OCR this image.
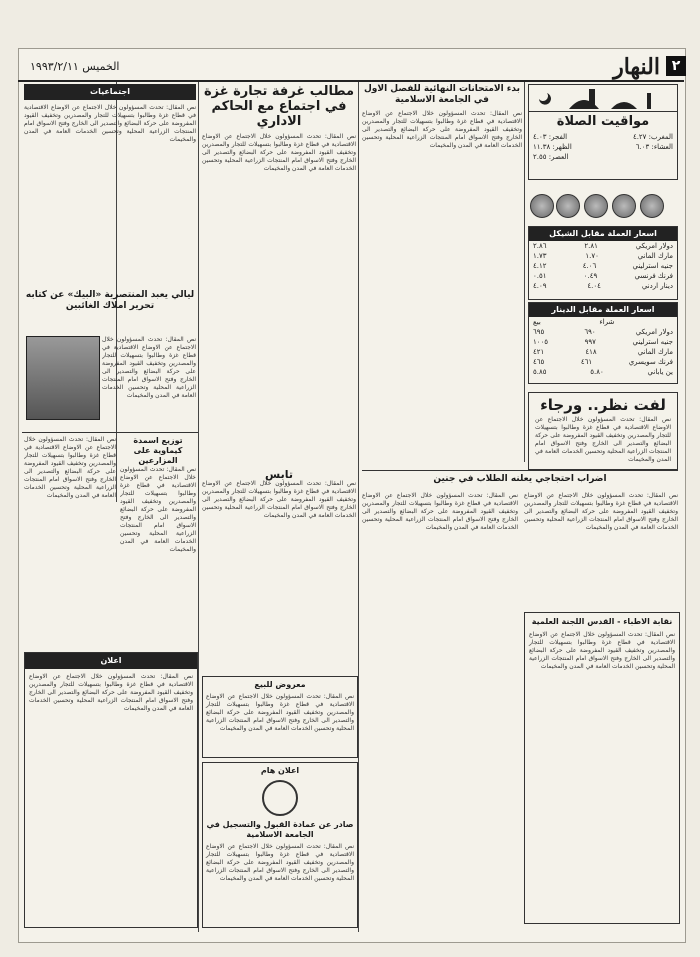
٢
النهار
الخميس ١٩٩٣/٢/١١
مواقيت الصلاة
الفجر: ٤.٠٣	المغرب: ٤.٢٧
الظهر: ١١.٣٨	العشاء: ٦.٠٣
العصر: ٢.٥٥
اسعار العملة مقابل الشيكل
دولار امريكي
٢.٨١
٢.٨٦
مارك الماني
١.٧٠
١.٧٣
جنيه استرليني
٤.٠٦
٤.١٢
فرنك فرنسي
٠.٤٩
٠.٥١
دينار اردني
٤.٠٤
٤.٠٩
اسعار العملة مقابل الدينار
شراء
بيع
دولار امريكي
٦٩٠
٦٩٥
جنيه استرليني
٩٩٧
١٠٠٥
مارك الماني
٤١٨
٤٢١
فرنك سويسري
٤٦١
٤٦٥
ين ياباني
٥.٨٠
٥.٨٥
لفت نظر.. ورجاء
نص المقال: تحدث المسؤولون خلال الاجتماع عن الاوضاع الاقتصادية في قطاع غزة وطالبوا بتسهيلات للتجار والمصدرين وتخفيف القيود المفروضة على حركة البضائع والتصدير الى الخارج وفتح الاسواق امام المنتجات الزراعية المحلية وتحسين الخدمات العامة في المدن والمخيمات
بدء الامتحانات النهائية للفصل الاول في الجامعة الاسلامية
نص المقال: تحدث المسؤولون خلال الاجتماع عن الاوضاع الاقتصادية في قطاع غزة وطالبوا بتسهيلات للتجار والمصدرين وتخفيف القيود المفروضة على حركة البضائع والتصدير الى الخارج وفتح الاسواق امام المنتجات الزراعية المحلية وتحسين الخدمات العامة في المدن والمخيمات
مطالب غرفة تجارة غزة في اجتماع مع الحاكم الاداري
نص المقال: تحدث المسؤولون خلال الاجتماع عن الاوضاع الاقتصادية في قطاع غزة وطالبوا بتسهيلات للتجار والمصدرين وتخفيف القيود المفروضة على حركة البضائع والتصدير الى الخارج وفتح الاسواق امام المنتجات الزراعية المحلية وتحسين الخدمات العامة في المدن والمخيمات
اجتماعيات
نص المقال: تحدث المسؤولون خلال الاجتماع عن الاوضاع الاقتصادية في قطاع غزة وطالبوا بتسهيلات للتجار والمصدرين وتخفيف القيود المفروضة على حركة البضائع والتصدير الى الخارج وفتح الاسواق امام المنتجات الزراعية المحلية وتحسين الخدمات العامة في المدن والمخيمات
ليالي يعبد المنتصرية «البيك» عن كتابه تحرير املاك الغائبين
نص المقال: تحدث المسؤولون خلال الاجتماع عن الاوضاع الاقتصادية في قطاع غزة وطالبوا بتسهيلات للتجار والمصدرين وتخفيف القيود المفروضة على حركة البضائع والتصدير الى الخارج وفتح الاسواق امام المنتجات الزراعية المحلية وتحسين الخدمات العامة في المدن والمخيمات
توزيع اسمدة كيماوية على المزارعين
نص المقال: تحدث المسؤولون خلال الاجتماع عن الاوضاع الاقتصادية في قطاع غزة وطالبوا بتسهيلات للتجار والمصدرين وتخفيف القيود المفروضة على حركة البضائع والتصدير الى الخارج وفتح الاسواق امام المنتجات الزراعية المحلية وتحسين الخدمات العامة في المدن والمخيمات
نص المقال: تحدث المسؤولون خلال الاجتماع عن الاوضاع الاقتصادية في قطاع غزة وطالبوا بتسهيلات للتجار والمصدرين وتخفيف القيود المفروضة على حركة البضائع والتصدير الى الخارج وفتح الاسواق امام المنتجات الزراعية المحلية وتحسين الخدمات العامة في المدن والمخيمات
اعلان
نص المقال: تحدث المسؤولون خلال الاجتماع عن الاوضاع الاقتصادية في قطاع غزة وطالبوا بتسهيلات للتجار والمصدرين وتخفيف القيود المفروضة على حركة البضائع والتصدير الى الخارج وفتح الاسواق امام المنتجات الزراعية المحلية وتحسين الخدمات العامة في المدن والمخيمات
اضراب احتجاجي يعلنه الطلاب في جنين
نص المقال: تحدث المسؤولون خلال الاجتماع عن الاوضاع الاقتصادية في قطاع غزة وطالبوا بتسهيلات للتجار والمصدرين وتخفيف القيود المفروضة على حركة البضائع والتصدير الى الخارج وفتح الاسواق امام المنتجات الزراعية المحلية وتحسين الخدمات العامة في المدن والمخيمات
نص المقال: تحدث المسؤولون خلال الاجتماع عن الاوضاع الاقتصادية في قطاع غزة وطالبوا بتسهيلات للتجار والمصدرين وتخفيف القيود المفروضة على حركة البضائع والتصدير الى الخارج وفتح الاسواق امام المنتجات الزراعية المحلية وتحسين الخدمات العامة في المدن والمخيمات
نقابة الاطباء - القدس اللجنة العلمية
نص المقال: تحدث المسؤولون خلال الاجتماع عن الاوضاع الاقتصادية في قطاع غزة وطالبوا بتسهيلات للتجار والمصدرين وتخفيف القيود المفروضة على حركة البضائع والتصدير الى الخارج وفتح الاسواق امام المنتجات الزراعية المحلية وتحسين الخدمات العامة في المدن والمخيمات
تابس
نص المقال: تحدث المسؤولون خلال الاجتماع عن الاوضاع الاقتصادية في قطاع غزة وطالبوا بتسهيلات للتجار والمصدرين وتخفيف القيود المفروضة على حركة البضائع والتصدير الى الخارج وفتح الاسواق امام المنتجات الزراعية المحلية وتحسين الخدمات العامة في المدن والمخيمات
معروض للبيع
نص المقال: تحدث المسؤولون خلال الاجتماع عن الاوضاع الاقتصادية في قطاع غزة وطالبوا بتسهيلات للتجار والمصدرين وتخفيف القيود المفروضة على حركة البضائع والتصدير الى الخارج وفتح الاسواق امام المنتجات الزراعية المحلية وتحسين الخدمات العامة في المدن والمخيمات
اعلان هام
صادر عن عمادة القبول والتسجيل في الجامعة الاسلامية
نص المقال: تحدث المسؤولون خلال الاجتماع عن الاوضاع الاقتصادية في قطاع غزة وطالبوا بتسهيلات للتجار والمصدرين وتخفيف القيود المفروضة على حركة البضائع والتصدير الى الخارج وفتح الاسواق امام المنتجات الزراعية المحلية وتحسين الخدمات العامة في المدن والمخيمات
